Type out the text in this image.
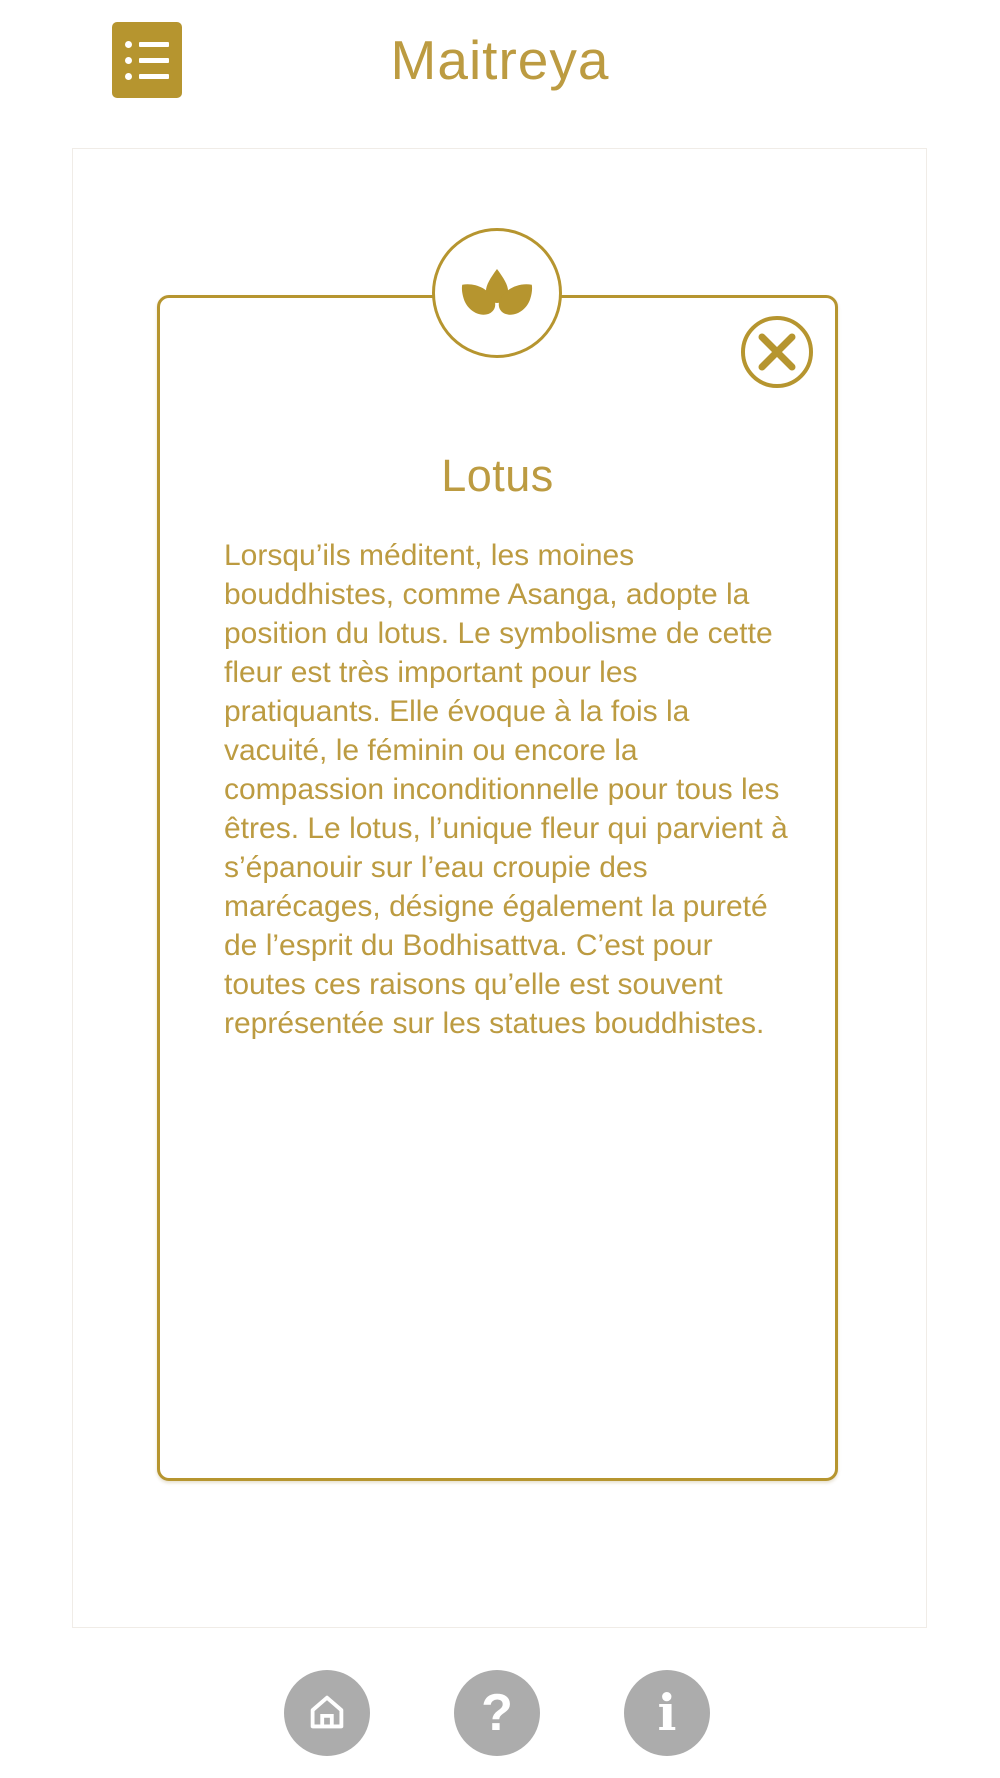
Maitreya
Lotus

Lorsqu’ils méditent, les moines bouddhistes, comme Asanga, adopte la position du lotus. Le symbolisme de cette fleur est très important pour les pratiquants. Elle évoque à la fois la vacuité, le féminin ou encore la compassion inconditionnelle pour tous les êtres. Le lotus, l’unique fleur qui parvient à s’épanouir sur l’eau croupie des marécages, désigne également la pureté de l’esprit du Bodhisattva. C’est pour toutes ces raisons qu’elle est souvent représentée sur les statues bouddhistes.

?	i
